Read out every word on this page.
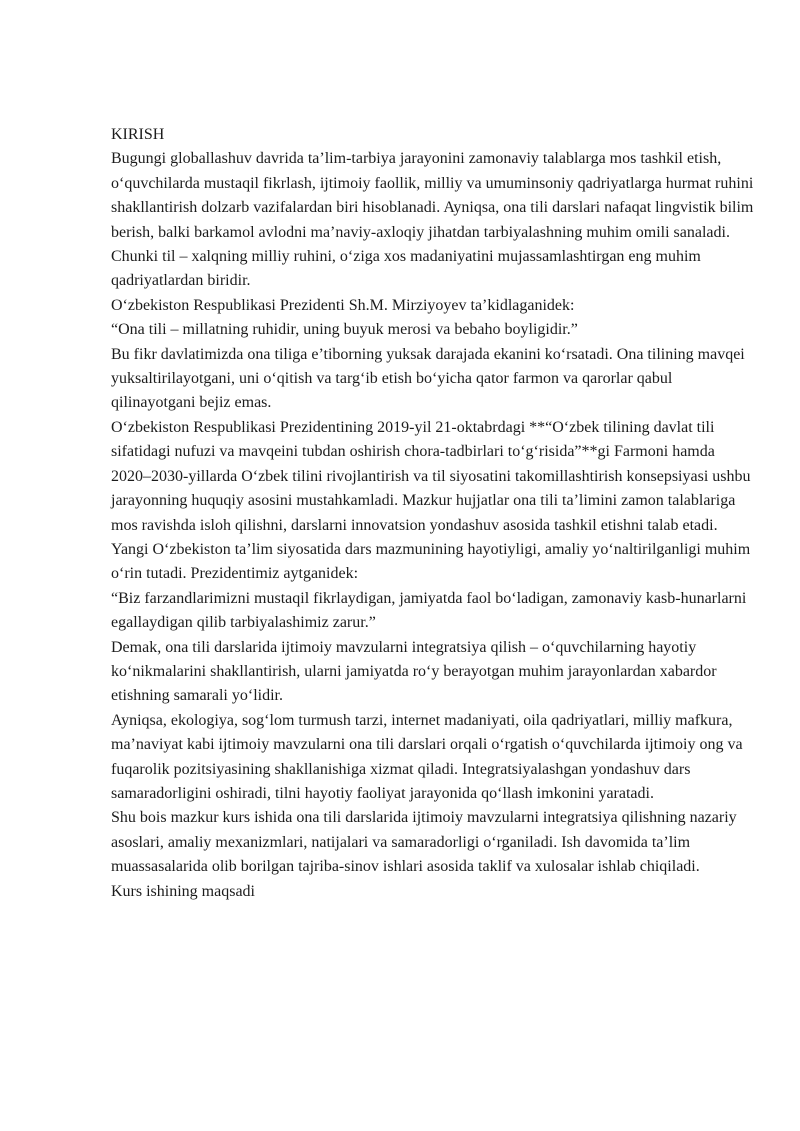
KIRISH

Bugungi globallashuv davrida ta’lim-tarbiya jarayonini zamonaviy talablarga mos tashkil etish, o‘quvchilarda mustaqil fikrlash, ijtimoiy faollik, milliy va umuminsoniy qadriyatlarga hurmat ruhini shakllantirish dolzarb vazifalardan biri hisoblanadi. Ayniqsa, ona tili darslari nafaqat lingvistik bilim berish, balki barkamol avlodni ma’naviy-axloqiy jihatdan tarbiyalashning muhim omili sanaladi. Chunki til – xalqning milliy ruhini, o‘ziga xos madaniyatini mujassamlashtirgan eng muhim qadriyatlardan biridir.

O‘zbekiston Respublikasi Prezidenti Sh.M. Mirziyoyev ta’kidlaganidek:

“Ona tili – millatning ruhidir, uning buyuk merosi va bebaho boyligidir.”

Bu fikr davlatimizda ona tiliga e’tiborning yuksak darajada ekanini ko‘rsatadi. Ona tilining mavqei yuksaltirilayotgani, uni o‘qitish va targ‘ib etish bo‘yicha qator farmon va qarorlar qabul qilinayotgani bejiz emas.

O‘zbekiston Respublikasi Prezidentining 2019-yil 21-oktabrdagi **“O‘zbek tilining davlat tili sifatidagi nufuzi va mavqeini tubdan oshirish chora-tadbirlari to‘g‘risida”**gi Farmoni hamda 2020–2030-yillarda O‘zbek tilini rivojlantirish va til siyosatini takomillashtirish konsepsiyasi ushbu jarayonning huquqiy asosini mustahkamladi. Mazkur hujjatlar ona tili ta’limini zamon talablariga mos ravishda isloh qilishni, darslarni innovatsion yondashuv asosida tashkil etishni talab etadi.

Yangi O‘zbekiston ta’lim siyosatida dars mazmunining hayotiyligi, amaliy yo‘naltirilganligi muhim o‘rin tutadi. Prezidentimiz aytganidek:

“Biz farzandlarimizni mustaqil fikrlaydigan, jamiyatda faol bo‘ladigan, zamonaviy kasb-hunarlarni egallaydigan qilib tarbiyalashimiz zarur.”

Demak, ona tili darslarida ijtimoiy mavzularni integratsiya qilish – o‘quvchilarning hayotiy ko‘nikmalarini shakllantirish, ularni jamiyatda ro‘y berayotgan muhim jarayonlardan xabardor etishning samarali yo‘lidir.

Ayniqsa, ekologiya, sog‘lom turmush tarzi, internet madaniyati, oila qadriyatlari, milliy mafkura, ma’naviyat kabi ijtimoiy mavzularni ona tili darslari orqali o‘rgatish o‘quvchilarda ijtimoiy ong va fuqarolik pozitsiyasining shakllanishiga xizmat qiladi. Integratsiyalashgan yondashuv dars samaradorligini oshiradi, tilni hayotiy faoliyat jarayonida qo‘llash imkonini yaratadi.

Shu bois mazkur kurs ishida ona tili darslarida ijtimoiy mavzularni integratsiya qilishning nazariy asoslari, amaliy mexanizmlari, natijalari va samaradorligi o‘rganiladi. Ish davomida ta’lim muassasalarida olib borilgan tajriba-sinov ishlari asosida taklif va xulosalar ishlab chiqiladi.

Kurs ishining maqsadi
